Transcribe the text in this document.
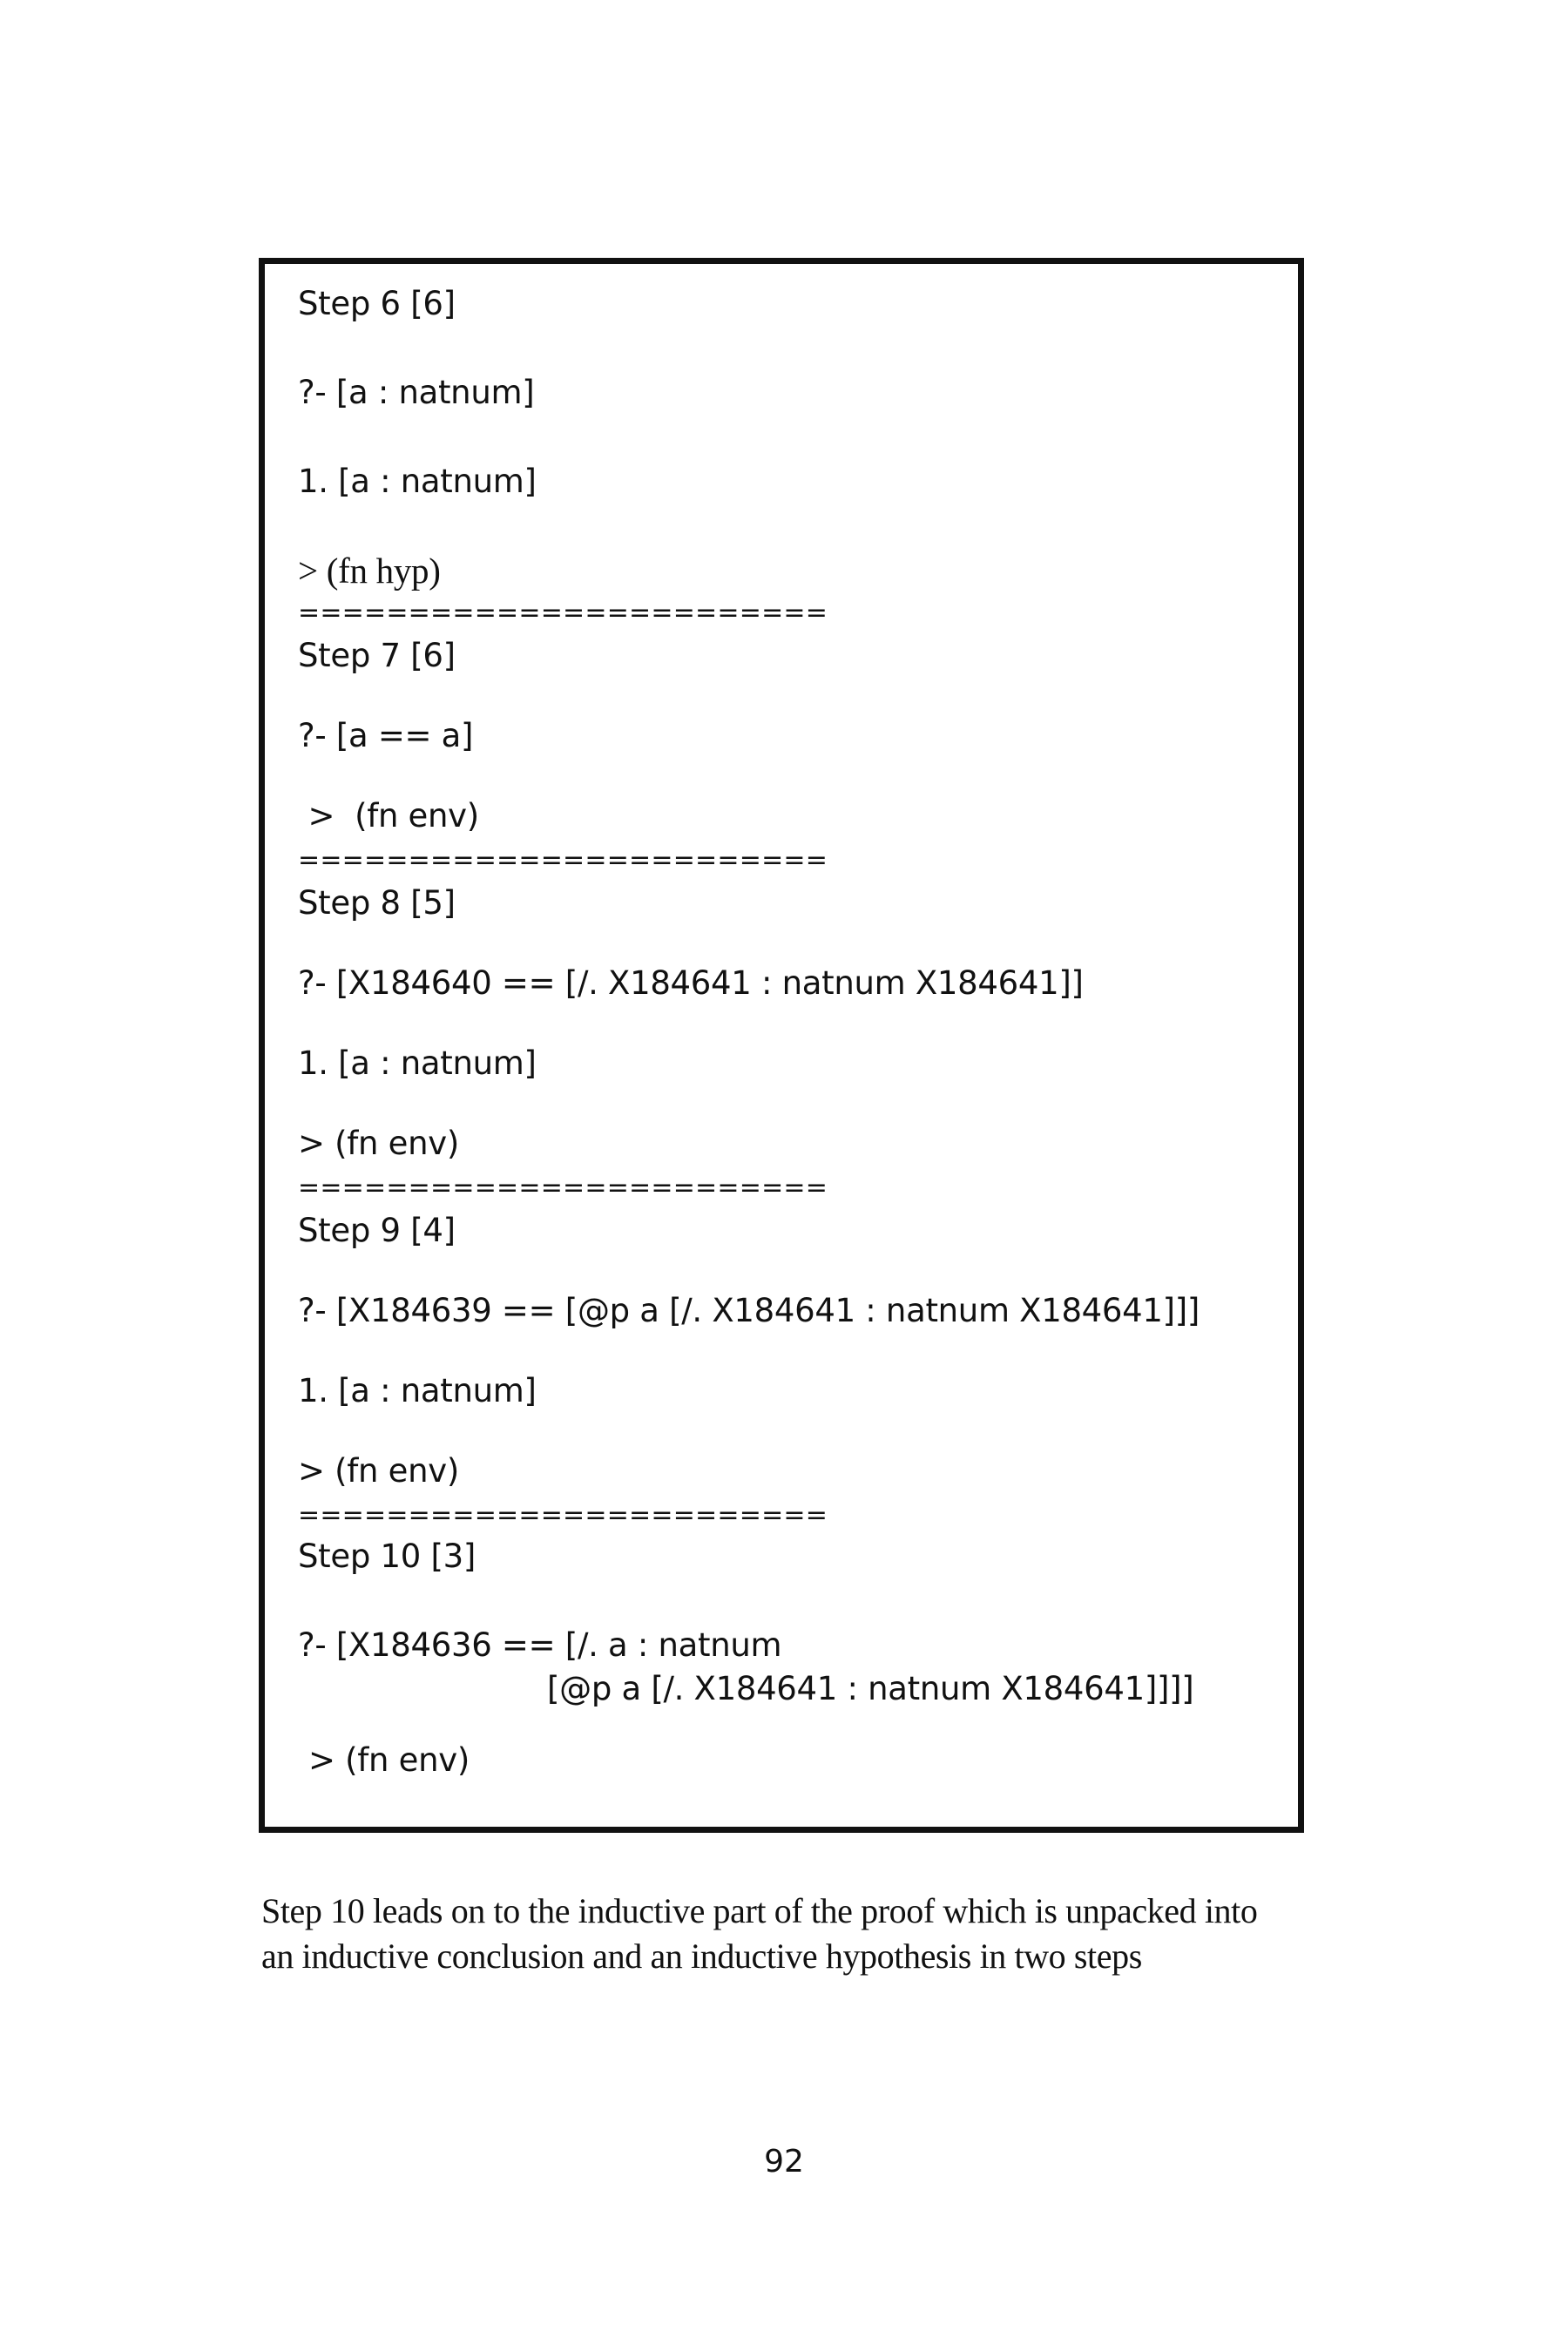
Step 6 [6]
?- [a : natnum]
1. [a : natnum]
> (fn hyp)
========================
Step 7 [6]
?- [a == a]
>  (fn env)
========================
Step 8 [5]
?- [X184640 == [/. X184641 : natnum X184641]]
1. [a : natnum]
> (fn env)
========================
Step 9 [4]
?- [X184639 == [@p a [/. X184641 : natnum X184641]]]
1. [a : natnum]
> (fn env)
========================
Step 10 [3]
?- [X184636 == [/. a : natnum
[@p a [/. X184641 : natnum X184641]]]]
> (fn env)
Step 10 leads on to the inductive part of the proof which is unpacked into
an inductive conclusion and an inductive hypothesis in two steps
92
